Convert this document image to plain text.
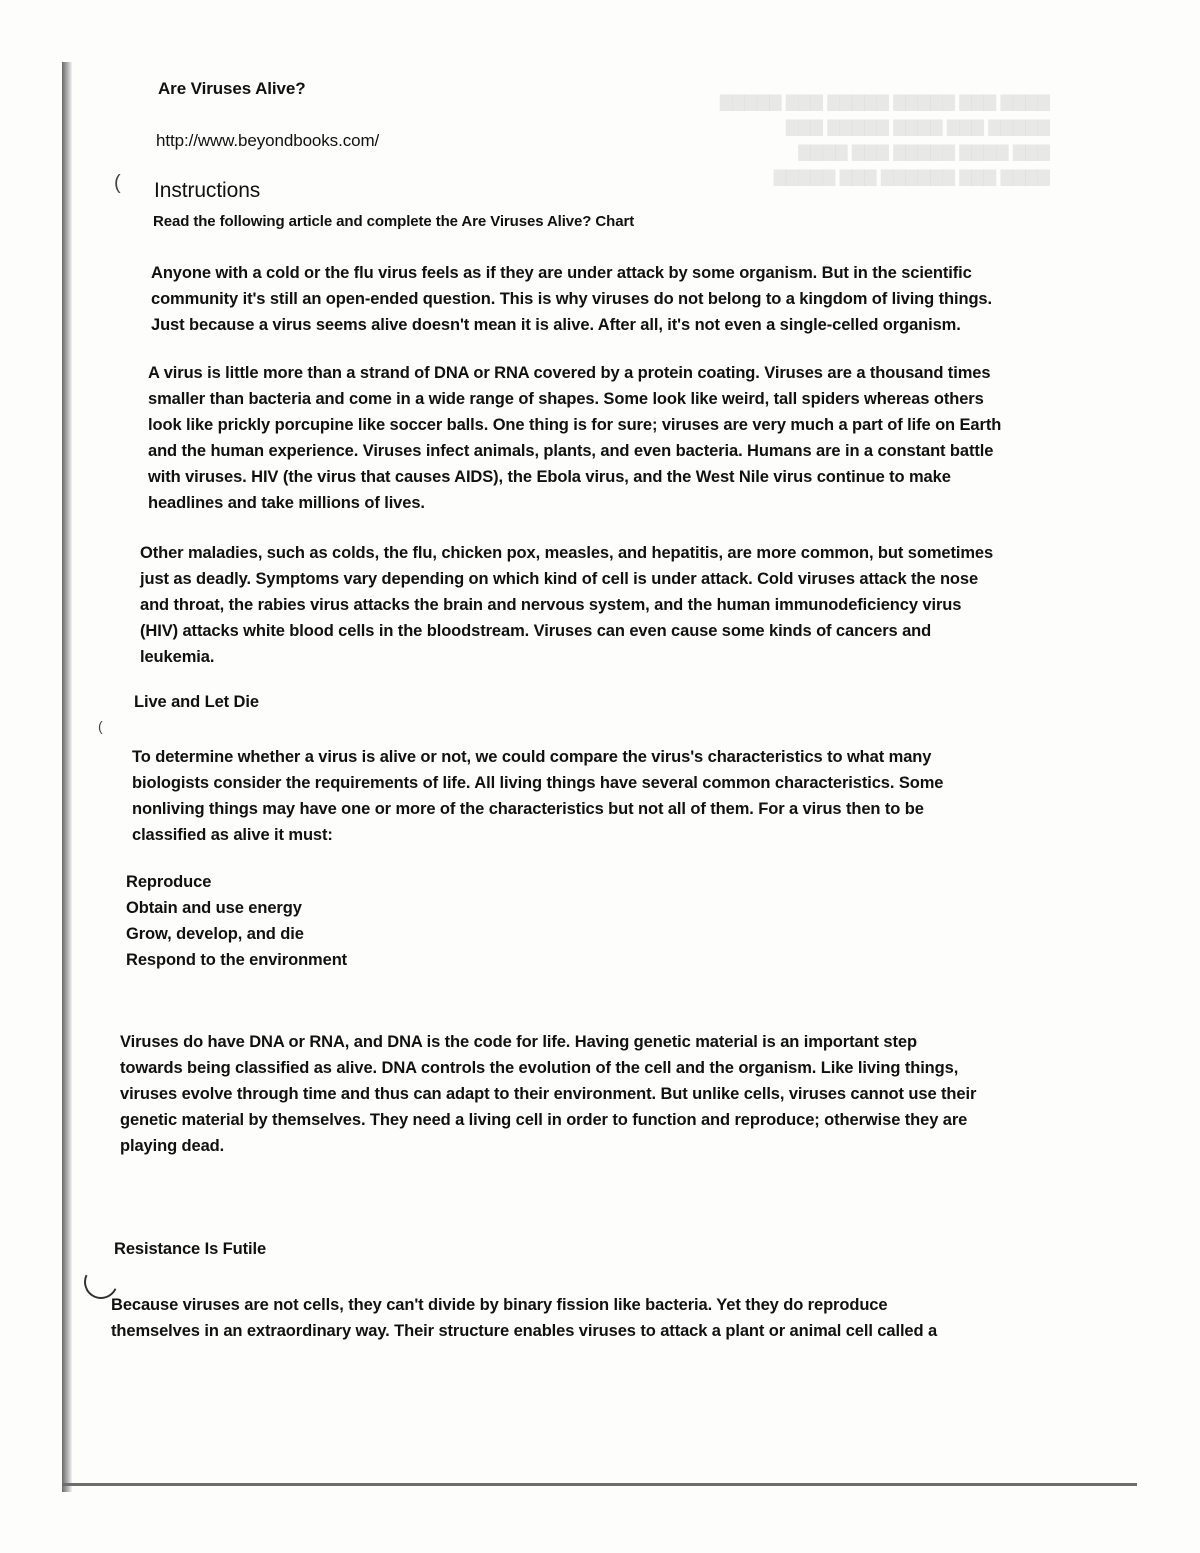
▇▇▇▇ ▇▇▇ ▇▇▇▇▇ ▇▇▇▇▇ ▇▇▇ ▇▇▇▇▇
▇▇▇▇▇ ▇▇▇ ▇▇▇▇ ▇▇▇▇▇ ▇▇▇
▇▇▇ ▇▇▇▇ ▇▇▇▇▇ ▇▇▇ ▇▇▇▇
▇▇▇▇ ▇▇▇ ▇▇▇▇▇▇ ▇▇▇ ▇▇▇▇▇
(
(
Are Viruses Alive?
http://www.beyondbooks.com/
Instructions
Read the following article and complete the Are Viruses Alive? Chart
Anyone with a cold or the flu virus feels as if they are under attack by some organism. But in the scientific
community it's still an open-ended question. This is why viruses do not belong to a kingdom of living things.
Just because a virus seems alive doesn't mean it is alive. After all, it's not even a single-celled organism.
A virus is little more than a strand of DNA or RNA covered by a protein coating. Viruses are a thousand times
smaller than bacteria and come in a wide range of shapes. Some look like weird, tall spiders whereas others
look like prickly porcupine like soccer balls. One thing is for sure; viruses are very much a part of life on Earth
and the human experience. Viruses infect animals, plants, and even bacteria. Humans are in a constant battle
with viruses. HIV (the virus that causes AIDS), the Ebola virus, and the West Nile virus continue to make
headlines and take millions of lives.
Other maladies, such as colds, the flu, chicken pox, measles, and hepatitis, are more common, but sometimes
just as deadly. Symptoms vary depending on which kind of cell is under attack. Cold viruses attack the nose
and throat, the rabies virus attacks the brain and nervous system, and the human immunodeficiency virus
(HIV) attacks white blood cells in the bloodstream. Viruses can even cause some kinds of cancers and
leukemia.
Live and Let Die
To determine whether a virus is alive or not, we could compare the virus's characteristics to what many
biologists consider the requirements of life. All living things have several common characteristics. Some
nonliving things may have one or more of the characteristics but not all of them. For a virus then to be
classified as alive it must:
Reproduce
Obtain and use energy
Grow, develop, and die
Respond to the environment
Viruses do have DNA or RNA, and DNA is the code for life. Having genetic material is an important step
towards being classified as alive. DNA controls the evolution of the cell and the organism. Like living things,
viruses evolve through time and thus can adapt to their environment. But unlike cells, viruses cannot use their
genetic material by themselves. They need a living cell in order to function and reproduce; otherwise they are
playing dead.
Resistance Is Futile
Because viruses are not cells, they can't divide by binary fission like bacteria. Yet they do reproduce
themselves in an extraordinary way. Their structure enables viruses to attack a plant or animal cell called a
